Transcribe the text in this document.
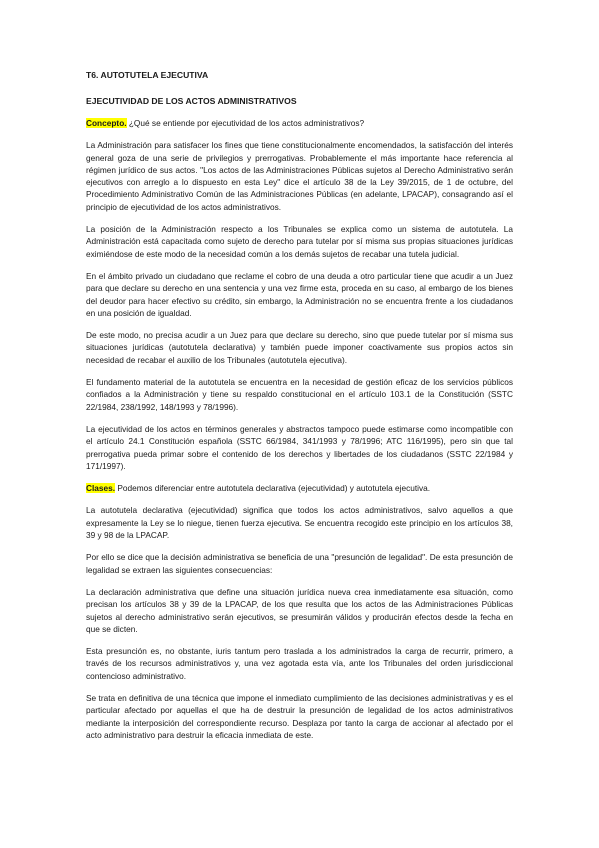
T6. AUTOTUTELA EJECUTIVA
EJECUTIVIDAD DE LOS ACTOS ADMINISTRATIVOS

Concepto. ¿Qué se entiende por ejecutividad de los actos administrativos?

La Administración para satisfacer los fines que tiene constitucionalmente encomendados, la satisfacción del interés general goza de una serie de privilegios y prerrogativas. Probablemente el más importante hace referencia al régimen jurídico de sus actos. "Los actos de las Administraciones Públicas sujetos al Derecho Administrativo serán ejecutivos con arreglo a lo dispuesto en esta Ley" dice el artículo 38 de la Ley 39/2015, de 1 de octubre, del Procedimiento Administrativo Común de las Administraciones Públicas (en adelante, LPACAP), consagrando así el principio de ejecutividad de los actos administrativos.

La posición de la Administración respecto a los Tribunales se explica como un sistema de autotutela. La Administración está capacitada como sujeto de derecho para tutelar por sí misma sus propias situaciones jurídicas eximiéndose de este modo de la necesidad común a los demás sujetos de recabar una tutela judicial.

En el ámbito privado un ciudadano que reclame el cobro de una deuda a otro particular tiene que acudir a un Juez para que declare su derecho en una sentencia y una vez firme esta, proceda en su caso, al embargo de los bienes del deudor para hacer efectivo su crédito, sin embargo, la Administración no se encuentra frente a los ciudadanos en una posición de igualdad.

De este modo, no precisa acudir a un Juez para que declare su derecho, sino que puede tutelar por sí misma sus situaciones jurídicas (autotutela declarativa) y también puede imponer coactivamente sus propios actos sin necesidad de recabar el auxilio de los Tribunales (autotutela ejecutiva).

El fundamento material de la autotutela se encuentra en la necesidad de gestión eficaz de los servicios públicos confiados a la Administración y tiene su respaldo constitucional en el artículo 103.1 de la Constitución (SSTC 22/1984, 238/1992, 148/1993 y 78/1996).

La ejecutividad de los actos en términos generales y abstractos tampoco puede estimarse como incompatible con el artículo 24.1 Constitución española (SSTC 66/1984, 341/1993 y 78/1996; ATC 116/1995), pero sin que tal prerrogativa pueda primar sobre el contenido de los derechos y libertades de los ciudadanos (SSTC 22/1984 y 171/1997).

Clases. Podemos diferenciar entre autotutela declarativa (ejecutividad) y autotutela ejecutiva.

La autotutela declarativa (ejecutividad) significa que todos los actos administrativos, salvo aquellos a que expresamente la Ley se lo niegue, tienen fuerza ejecutiva. Se encuentra recogido este principio en los artículos 38, 39 y 98 de la LPACAP.

Por ello se dice que la decisión administrativa se beneficia de una "presunción de legalidad". De esta presunción de legalidad se extraen las siguientes consecuencias:

La declaración administrativa que define una situación jurídica nueva crea inmediatamente esa situación, como precisan los artículos 38 y 39 de la LPACAP, de los que resulta que los actos de las Administraciones Públicas sujetos al derecho administrativo serán ejecutivos, se presumirán válidos y producirán efectos desde la fecha en que se dicten.

Esta presunción es, no obstante, iuris tantum pero traslada a los administrados la carga de recurrir, primero, a través de los recursos administrativos y, una vez agotada esta vía, ante los Tribunales del orden jurisdiccional contencioso administrativo.

Se trata en definitiva de una técnica que impone el inmediato cumplimiento de las decisiones administrativas y es el particular afectado por aquellas el que ha de destruir la presunción de legalidad de los actos administrativos mediante la interposición del correspondiente recurso. Desplaza por tanto la carga de accionar al afectado por el acto administrativo para destruir la eficacia inmediata de este.
